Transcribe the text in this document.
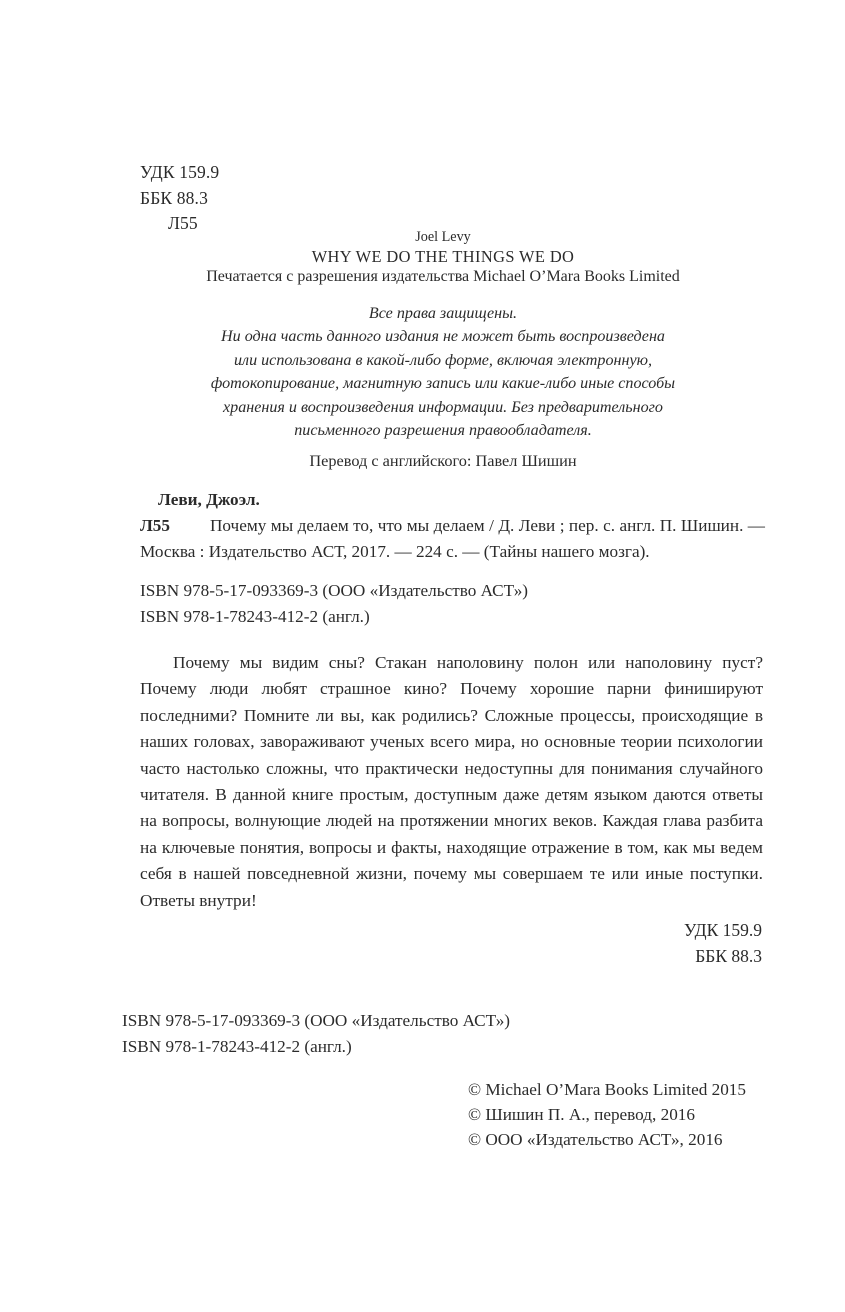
УДК 159.9
ББК 88.3
Л55
Joel Levy
WHY WE DO THE THINGS WE DO
Печатается с разрешения издательства Michael O’Mara Books Limited
Все права защищены.
Ни одна часть данного издания не может быть воспроизведена
или использована в какой-либо форме, включая электронную,
фотокопирование, магнитную запись или какие-либо иные способы
хранения и воспроизведения информации. Без предварительного
письменного разрешения правообладателя.
Перевод с английского: Павел Шишин
Леви, Джоэл.
Л55 Почему мы делаем то, что мы делаем / Д. Леви ; пер. с. англ. П. Шишин. — Москва : Издательство АСТ, 2017. — 224 с. — (Тайны нашего мозга).
ISBN 978-5-17-093369-3 (ООО «Издательство АСТ»)
ISBN 978-1-78243-412-2 (англ.)
Почему мы видим сны? Стакан наполовину полон или наполовину пуст? Почему люди любят страшное кино? Почему хорошие парни финишируют последними? Помните ли вы, как родились? Сложные процессы, происходящие в наших головах, завораживают ученых всего мира, но основные теории психологии часто настолько сложны, что практически недоступны для понимания случайного читателя. В данной книге простым, доступным даже детям языком даются ответы на вопросы, волнующие людей на протяжении многих веков. Каждая глава разбита на ключевые понятия, вопросы и факты, находящие отражение в том, как мы ведем себя в нашей повседневной жизни, почему мы совершаем те или иные поступки. Ответы внутри!
УДК 159.9
ББК 88.3
ISBN 978-5-17-093369-3 (ООО «Издательство АСТ»)
ISBN 978-1-78243-412-2 (англ.)
© Michael O’Mara Books Limited 2015
© Шишин П. А., перевод, 2016
© ООО «Издательство АСТ», 2016
